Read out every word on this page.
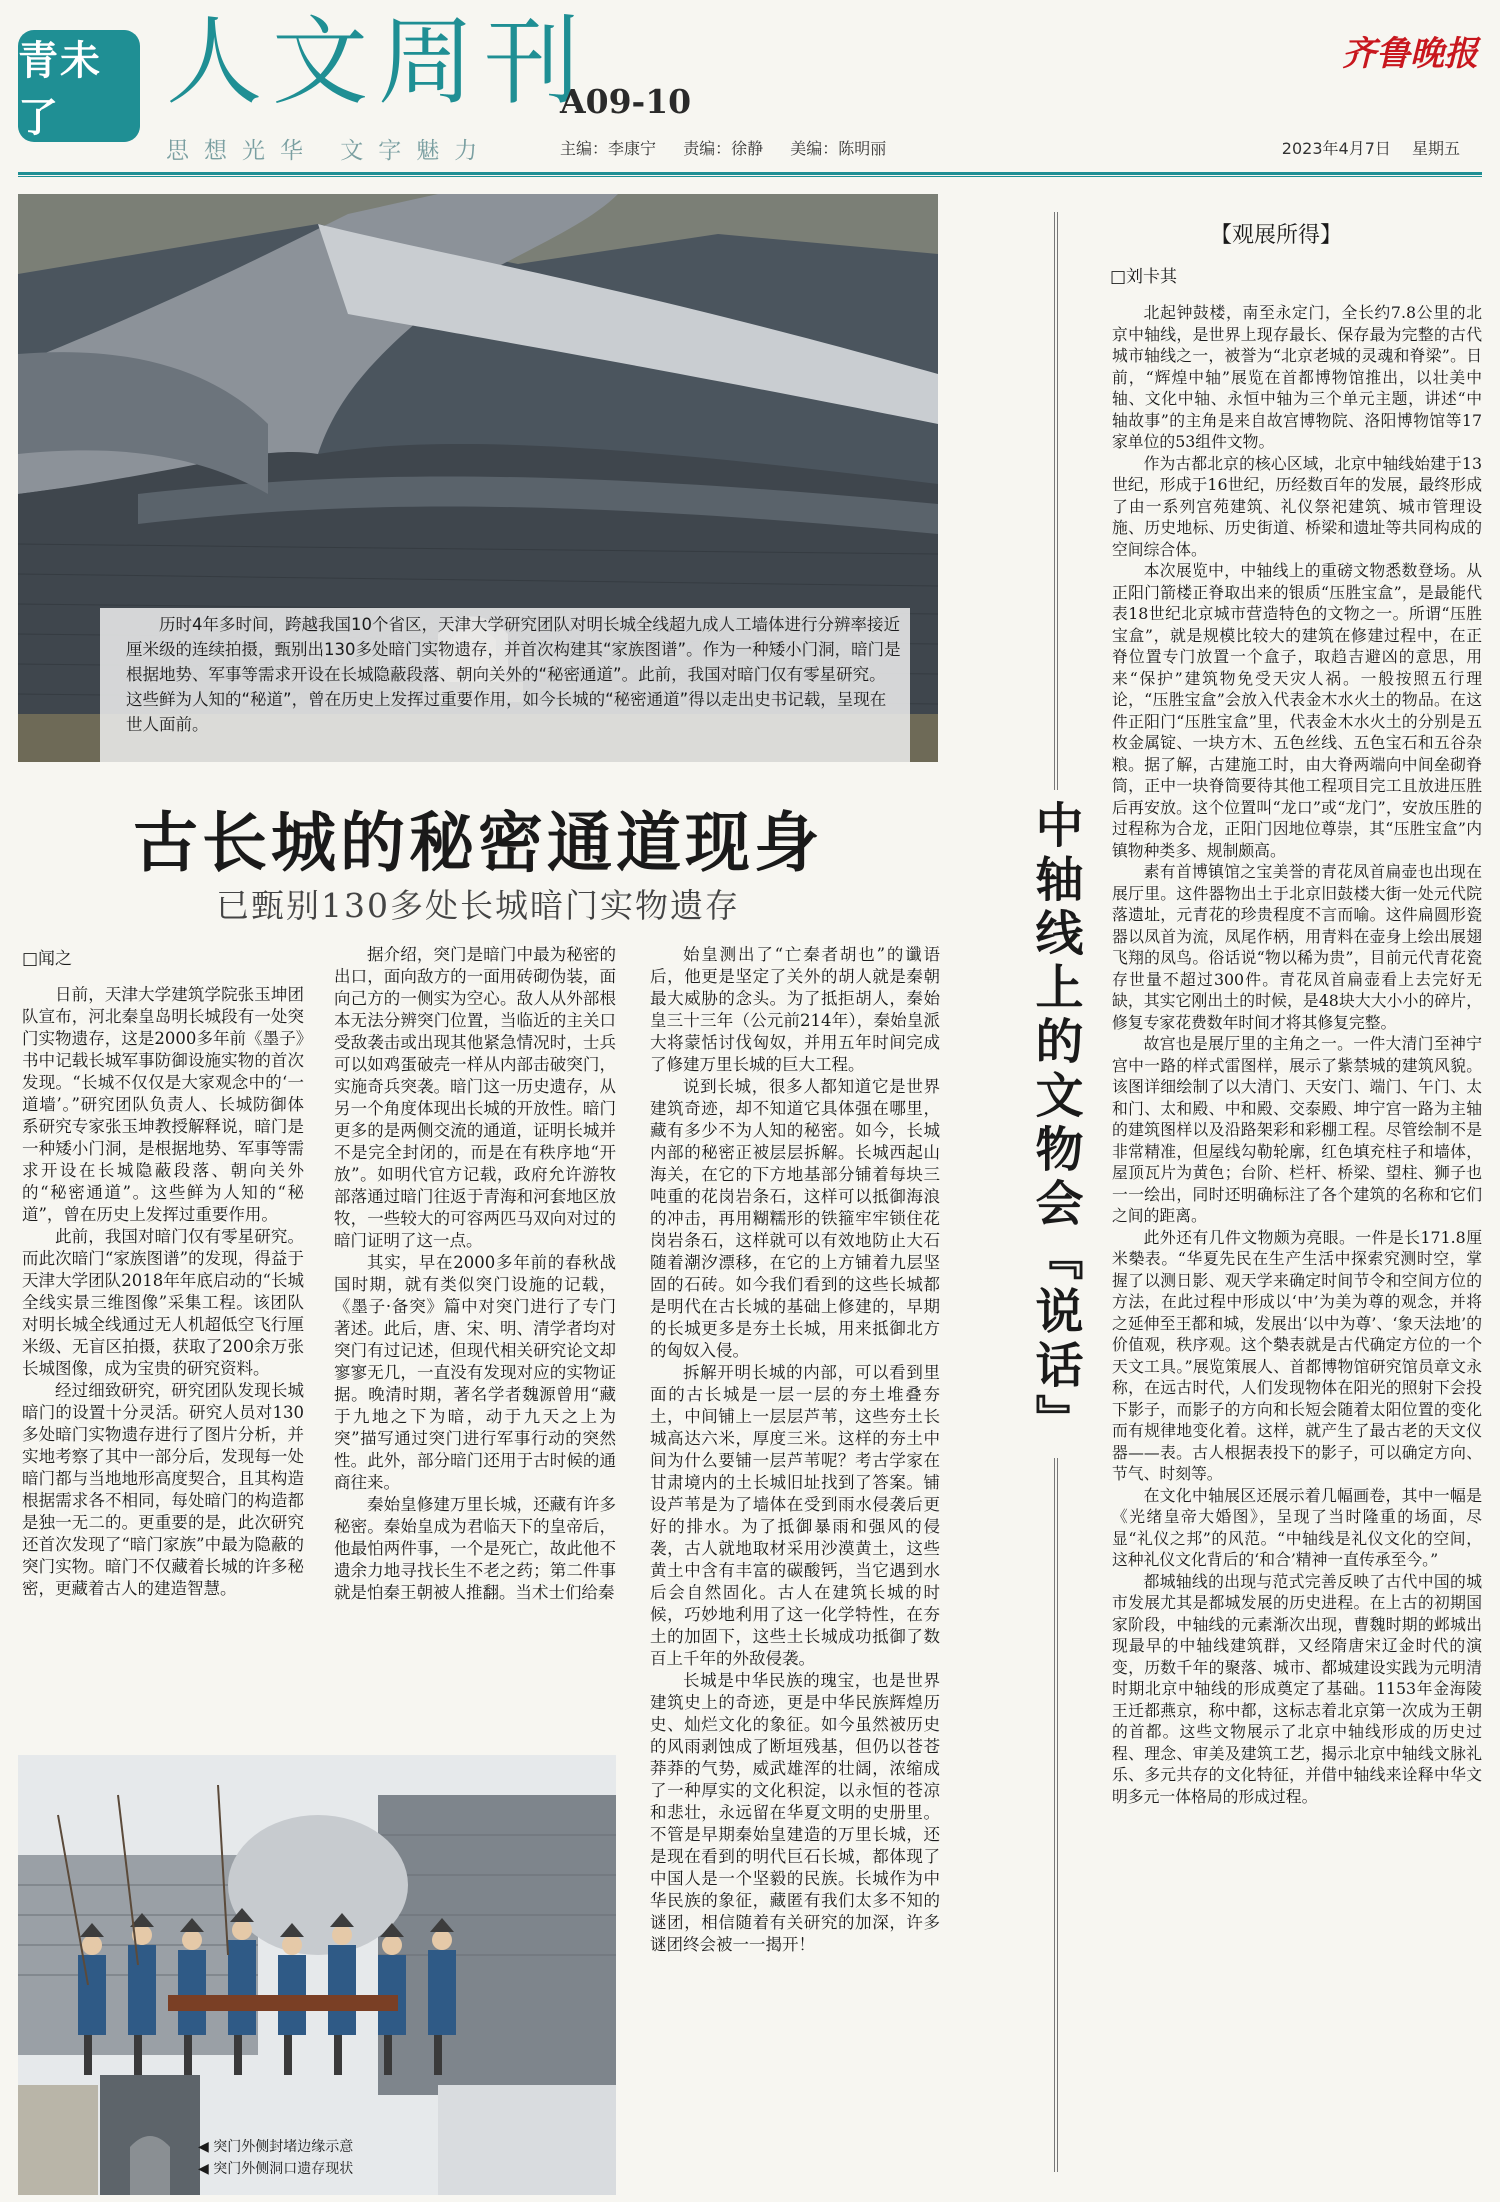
青未了	人文周刊
A09-10
思想光华 文字魅力	主编：李康宁 责编：徐静 美编：陈明丽
齐鲁晚报
2023年4月7日 星期五
历时4年多时间，跨越我国10个省区，天津大学研究团队对明长城全线超九成人工墙体进行分辨率接近厘米级的连续拍摄，甄别出130多处暗门实物遗存，并首次构建其“家族图谱”。作为一种矮小门洞，暗门是根据地势、军事等需求开设在长城隐蔽段落、朝向关外的“秘密通道”。此前，我国对暗门仅有零星研究。这些鲜为人知的“秘道”，曾在历史上发挥过重要作用，如今长城的“秘密通道”得以走出史书记载，呈现在世人面前。
古长城的秘密通道现身
已甄别130多处长城暗门实物遗存
□闻之

日前，天津大学建筑学院张玉坤团队宣布，河北秦皇岛明长城段有一处突门实物遗存，这是2000多年前《墨子》书中记载长城军事防御设施实物的首次发现。“长城不仅仅是大家观念中的‘一道墙’。”研究团队负责人、长城防御体系研究专家张玉坤教授解释说，暗门是一种矮小门洞，是根据地势、军事等需求开设在长城隐蔽段落、朝向关外的“秘密通道”。这些鲜为人知的“秘道”，曾在历史上发挥过重要作用。

此前，我国对暗门仅有零星研究。而此次暗门“家族图谱”的发现，得益于天津大学团队2018年年底启动的“长城全线实景三维图像”采集工程。该团队对明长城全线通过无人机超低空飞行厘米级、无盲区拍摄，获取了200余万张长城图像，成为宝贵的研究资料。

经过细致研究，研究团队发现长城暗门的设置十分灵活。研究人员对130多处暗门实物遗存进行了图片分析，并实地考察了其中一部分后，发现每一处暗门都与当地地形高度契合，且其构造根据需求各不相同，每处暗门的构造都是独一无二的。更重要的是，此次研究还首次发现了“暗门家族”中最为隐蔽的突门实物。暗门不仅藏着长城的许多秘密，更藏着古人的建造智慧。

据介绍，突门是暗门中最为秘密的出口，面向敌方的一面用砖砌伪装，面向己方的一侧实为空心。敌人从外部根本无法分辨突门位置，当临近的主关口受敌袭击或出现其他紧急情况时，士兵可以如鸡蛋破壳一样从内部击破突门，实施奇兵突袭。暗门这一历史遗存，从另一个角度体现出长城的开放性。暗门更多的是两侧交流的通道，证明长城并不是完全封闭的，而是在有秩序地“开放”。如明代官方记载，政府允许游牧部落通过暗门往返于青海和河套地区放牧，一些较大的可容两匹马双向对过的暗门证明了这一点。

其实，早在2000多年前的春秋战国时期，就有类似突门设施的记载，《墨子·备突》篇中对突门进行了专门著述。此后，唐、宋、明、清学者均对突门有过记述，但现代相关研究论文却寥寥无几，一直没有发现对应的实物证据。晚清时期，著名学者魏源曾用“藏于九地之下为暗，动于九天之上为突”描写通过突门进行军事行动的突然性。此外，部分暗门还用于古时候的通商往来。

秦始皇修建万里长城，还藏有许多秘密。秦始皇成为君临天下的皇帝后，他最怕两件事，一个是死亡，故此他不遗余力地寻找长生不老之药；第二件事就是怕秦王朝被人推翻。当术士们给秦

始皇测出了“亡秦者胡也”的谶语后，他更是坚定了关外的胡人就是秦朝最大威胁的念头。为了抵拒胡人，秦始皇三十三年（公元前214年），秦始皇派大将蒙恬讨伐匈奴，并用五年时间完成了修建万里长城的巨大工程。

说到长城，很多人都知道它是世界建筑奇迹，却不知道它具体强在哪里，藏有多少不为人知的秘密。如今，长城内部的秘密正被层层拆解。长城西起山海关，在它的下方地基部分铺着每块三吨重的花岗岩条石，这样可以抵御海浪的冲击，再用糊糯形的铁箍牢牢锁住花岗岩条石，这样就可以有效地防止大石随着潮汐漂移，在它的上方铺着九层坚固的石砖。如今我们看到的这些长城都是明代在古长城的基础上修建的，早期的长城更多是夯土长城，用来抵御北方的匈奴入侵。

拆解开明长城的内部，可以看到里面的古长城是一层一层的夯土堆叠夯土，中间铺上一层层芦苇，这些夯土长城高达六米，厚度三米。这样的夯土中间为什么要铺一层芦苇呢？考古学家在甘肃境内的土长城旧址找到了答案。铺设芦苇是为了墙体在受到雨水侵袭后更好的排水。为了抵御暴雨和强风的侵袭，古人就地取材采用沙漠黄土，这些黄土中含有丰富的碳酸钙，当它遇到水后会自然固化。古人在建筑长城的时候，巧妙地利用了这一化学特性，在夯土的加固下，这些土长城成功抵御了数百上千年的外敌侵袭。

长城是中华民族的瑰宝，也是世界建筑史上的奇迹，更是中华民族辉煌历史、灿烂文化的象征。如今虽然被历史的风雨剥蚀成了断垣残基，但仍以苍苍莽莽的气势，威武雄浑的壮阔，浓缩成了一种厚实的文化积淀，以永恒的苍凉和悲壮，永远留在华夏文明的史册里。不管是早期秦始皇建造的万里长城，还是现在看到的明代巨石长城，都体现了中国人是一个坚毅的民族。长城作为中华民族的象征，藏匿有我们太多不知的谜团，相信随着有关研究的加深，许多谜团终会被一一揭开！

◀ 突门外侧封堵边缘示意
◀ 突门外侧洞口遗存现状
中轴线上的文物会『说话』
【观展所得】
□刘卡其

北起钟鼓楼，南至永定门，全长约7.8公里的北京中轴线，是世界上现存最长、保存最为完整的古代城市轴线之一，被誉为“北京老城的灵魂和脊梁”。日前，“辉煌中轴”展览在首都博物馆推出，以壮美中轴、文化中轴、永恒中轴为三个单元主题，讲述“中轴故事”的主角是来自故宫博物院、洛阳博物馆等17家单位的53组件文物。

作为古都北京的核心区域，北京中轴线始建于13世纪，形成于16世纪，历经数百年的发展，最终形成了由一系列宫苑建筑、礼仪祭祀建筑、城市管理设施、历史地标、历史街道、桥梁和遗址等共同构成的空间综合体。

本次展览中，中轴线上的重磅文物悉数登场。从正阳门箭楼正脊取出来的银质“压胜宝盒”，是最能代表18世纪北京城市营造特色的文物之一。所谓“压胜宝盒”，就是规模比较大的建筑在修建过程中，在正脊位置专门放置一个盒子，取趋吉避凶的意思，用来“保护”建筑物免受天灾人祸。一般按照五行理论，“压胜宝盒”会放入代表金木水火土的物品。在这件正阳门“压胜宝盒”里，代表金木水火土的分别是五枚金属锭、一块方木、五色丝线、五色宝石和五谷杂粮。据了解，古建施工时，由大脊两端向中间垒砌脊筒，正中一块脊筒要待其他工程项目完工且放进压胜后再安放。这个位置叫“龙口”或“龙门”，安放压胜的过程称为合龙，正阳门因地位尊崇，其“压胜宝盒”内镇物种类多、规制颇高。

素有首博镇馆之宝美誉的青花凤首扁壶也出现在展厅里。这件器物出土于北京旧鼓楼大街一处元代院落遗址，元青花的珍贵程度不言而喻。这件扁圆形瓷器以凤首为流，凤尾作柄，用青料在壶身上绘出展翅飞翔的凤鸟。俗话说“物以稀为贵”，目前元代青花瓷存世量不超过300件。青花凤首扁壶看上去完好无缺，其实它刚出土的时候，是48块大大小小的碎片，修复专家花费数年时间才将其修复完整。

故宫也是展厅里的主角之一。一件大清门至神宁宫中一路的样式雷图样，展示了紫禁城的建筑风貌。该图详细绘制了以大清门、天安门、端门、午门、太和门、太和殿、中和殿、交泰殿、坤宁宫一路为主轴的建筑图样以及沿路架彩和彩棚工程。尽管绘制不是非常精准，但屋线勾勒轮廓，红色填充柱子和墙体，屋顶瓦片为黄色；台阶、栏杆、桥梁、望柱、狮子也一一绘出，同时还明确标注了各个建筑的名称和它们之间的距离。

此外还有几件文物颇为亮眼。一件是长171.8厘米槷表。“华夏先民在生产生活中探索究测时空，掌握了以测日影、观天学来确定时间节令和空间方位的方法，在此过程中形成以‘中’为美为尊的观念，并将之延伸至王都和城，发展出‘以中为尊’、‘象天法地’的价值观，秩序观。这个槷表就是古代确定方位的一个天文工具。”展览策展人、首都博物馆研究馆员章文永称，在远古时代，人们发现物体在阳光的照射下会投下影子，而影子的方向和长短会随着太阳位置的变化而有规律地变化着。这样，就产生了最古老的天文仪器——表。古人根据表投下的影子，可以确定方向、节气、时刻等。

在文化中轴展区还展示着几幅画卷，其中一幅是《光绪皇帝大婚图》，呈现了当时隆重的场面，尽显“礼仪之邦”的风范。“中轴线是礼仪文化的空间，这种礼仪文化背后的‘和合’精神一直传承至今。”

都城轴线的出现与范式完善反映了古代中国的城市发展尤其是都城发展的历史进程。在上古的初期国家阶段，中轴线的元素渐次出现，曹魏时期的邺城出现最早的中轴线建筑群，又经隋唐宋辽金时代的演变，历数千年的聚落、城市、都城建设实践为元明清时期北京中轴线的形成奠定了基础。1153年金海陵王迁都燕京，称中都，这标志着北京第一次成为王朝的首都。这些文物展示了北京中轴线形成的历史过程、理念、审美及建筑工艺，揭示北京中轴线文脉礼乐、多元共存的文化特征，并借中轴线来诠释中华文明多元一体格局的形成过程。
